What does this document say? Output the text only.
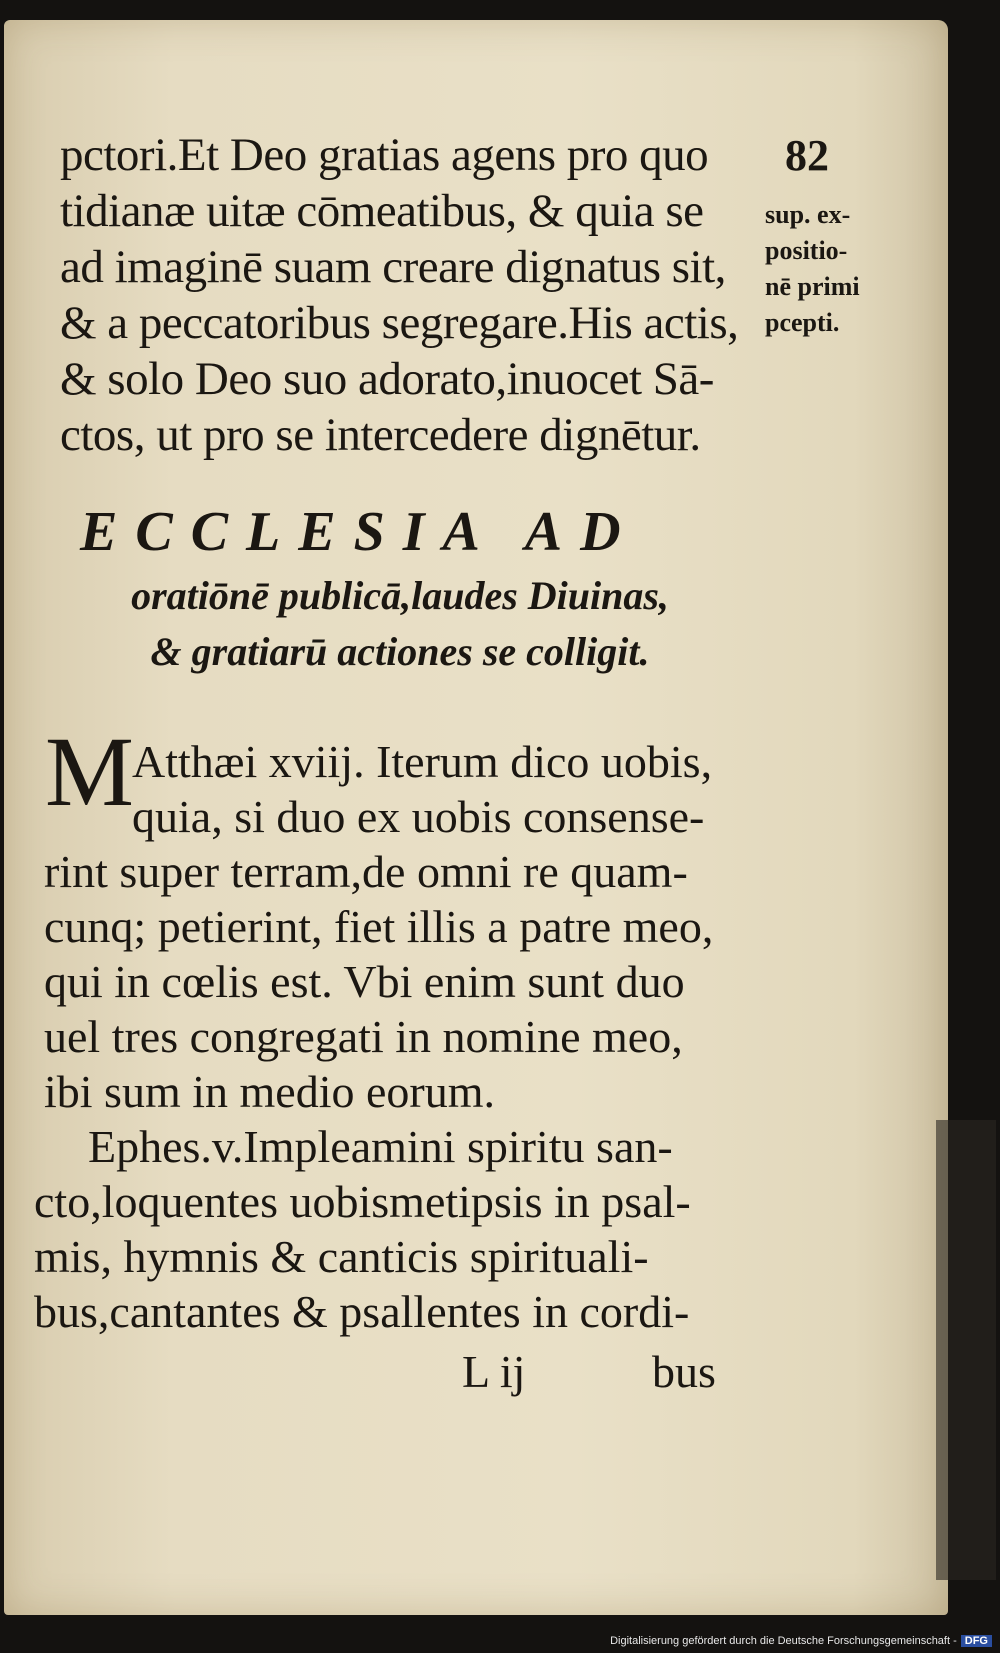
pctori.Et Deo gratias agens pro quo
tidianæ uitæ cōmeatibus, & quia se
ad imaginē suam creare dignatus sit,
& a peccatoribus segregare.His actis,
& solo Deo suo adorato,inuocet Sā-
ctos, ut pro se intercedere dignētur.
82
sup. ex-
positio-
nē primi
pcepti.
ECCLESIA AD
oratiōnē publicā,laudes Diuinas,
& gratiarū actiones se colligit.
M
Atthæi xviij. Iterum dico uobis,
quia, si duo ex uobis consense-
rint super terram,de omni re quam-
cunq; petierint, fiet illis a patre meo,
qui in cœlis est. Vbi enim sunt duo
uel tres congregati in nomine meo,
ibi sum in medio eorum.
Ephes.v.Impleamini spiritu san-
cto,loquentes uobismetipsis in psal-
mis, hymnis & canticis spirituali-
bus,cantantes & psallentes in cordi-
L ij	bus
Digitalisierung gefördert durch die Deutsche Forschungsgemeinschaft - DFG
